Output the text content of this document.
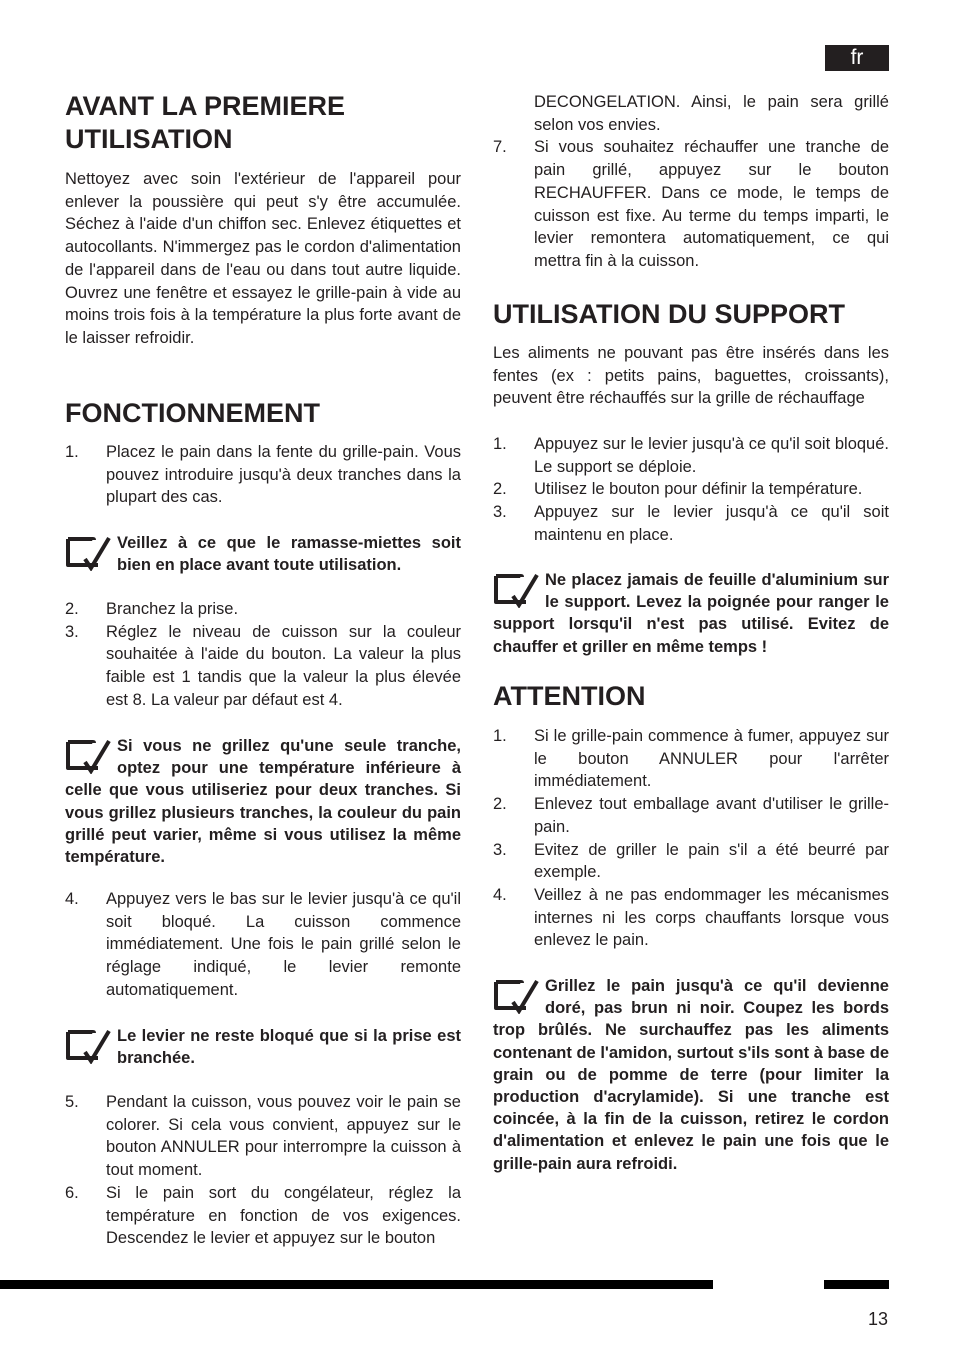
fr
AVANT LA PREMIERE
UTILISATION

Nettoyez avec soin l'extérieur de l'appareil pour enlever la poussière qui peut s'y être accumulée. Séchez à l'aide d'un chiffon sec. Enlevez étiquettes et autocollants. N'immergez pas le cordon d'alimentation de l'appareil dans de l'eau ou dans tout autre liquide. Ouvrez une fenêtre et essayez le grille-pain à vide au moins trois fois à la température la plus forte avant de le laisser refroidir.

FONCTIONNEMENT
1. Placez le pain dans la fente du grille-pain. Vous pouvez introduire jusqu'à deux tranches dans la plupart des cas.
Veillez à ce que le ramasse-miettes soit bien en place avant toute utilisation.
2. Branchez la prise.
3. Réglez le niveau de cuisson sur la couleur souhaitée à l'aide du bouton. La valeur la plus faible est 1 tandis que la valeur la plus élevée est 8. La valeur par défaut est 4.
Si vous ne grillez qu'une seule tranche, optez pour une température inférieure à celle que vous utiliseriez pour deux tranches. Si vous grillez plusieurs tranches, la couleur du pain grillé peut varier, même si vous utilisez la même température.
4. Appuyez vers le bas sur le levier jusqu'à ce qu'il soit bloqué. La cuisson commence immédiatement. Une fois le pain grillé selon le réglage indiqué, le levier remonte automatiquement.
Le levier ne reste bloqué que si la prise est branchée.
5. Pendant la cuisson, vous pouvez voir le pain se colorer. Si cela vous convient, appuyez sur le bouton ANNULER pour interrompre la cuisson à tout moment.
6. Si le pain sort du congélateur, réglez la température en fonction de vos exigences. Descendez le levier et appuyez sur le bouton
DECONGELATION. Ainsi, le pain sera grillé selon vos envies.
7. Si vous souhaitez réchauffer une tranche de pain grillé, appuyez sur le bouton RECHAUFFER. Dans ce mode, le temps de cuisson est fixe. Au terme du temps imparti, le levier remontera automatiquement, ce qui mettra fin à la cuisson.
UTILISATION DU SUPPORT

Les aliments ne pouvant pas être insérés dans les fentes (ex : petits pains, baguettes, croissants), peuvent être réchauffés sur la grille de réchauffage

1. Appuyez sur le levier jusqu'à ce qu'il soit bloqué. Le support se déploie.
2. Utilisez le bouton pour définir la température.
3. Appuyez sur le levier jusqu'à ce qu'il soit maintenu en place.
Ne placez jamais de feuille d'aluminium sur le support. Levez la poignée pour ranger le support lorsqu'il n'est pas utilisé. Evitez de chauffer et griller en même temps !
ATTENTION
1. Si le grille-pain commence à fumer, appuyez sur le bouton ANNULER pour l'arrêter immédiatement.
2. Enlevez tout emballage avant d'utiliser le grille-pain.
3. Evitez de griller le pain s'il a été beurré par exemple.
4. Veillez à ne pas endommager les mécanismes internes ni les corps chauffants lorsque vous enlevez le pain.
Grillez le pain jusqu'à ce qu'il devienne doré, pas brun ni noir. Coupez les bords trop brûlés. Ne surchauffez pas les aliments contenant de l'amidon, surtout s'ils sont à base de grain ou de pomme de terre (pour limiter la production d'acrylamide). Si une tranche est coincée, à la fin de la cuisson, retirez le cordon d'alimentation et enlevez le pain une fois que le grille-pain aura refroidi.
13
